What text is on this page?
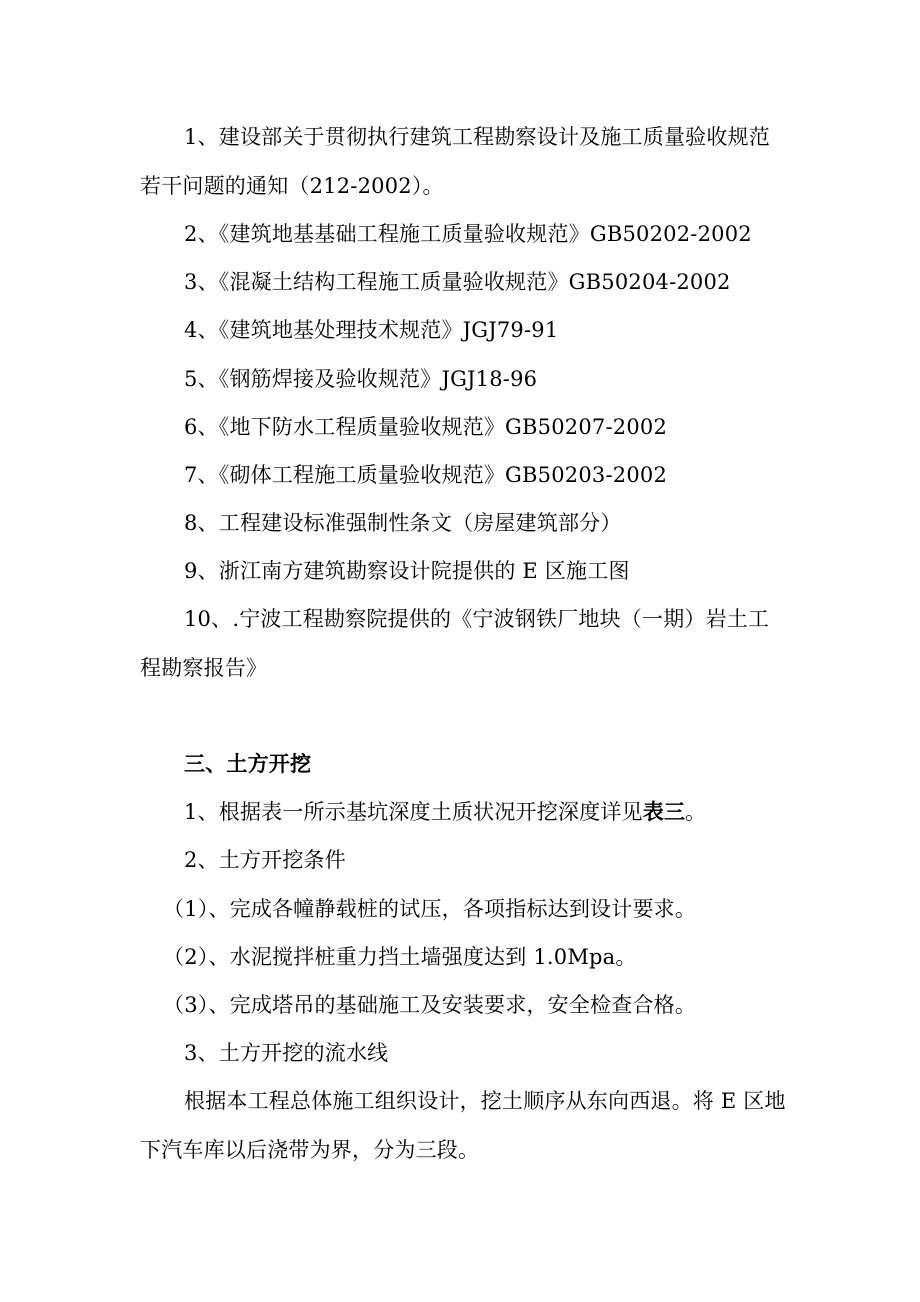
1、建设部关于贯彻执行建筑工程勘察设计及施工质量验收规范
若干问题的通知（212-2002）。
2、《建筑地基基础工程施工质量验收规范》GB50202-2002
3、《混凝土结构工程施工质量验收规范》GB50204-2002
4、《建筑地基处理技术规范》JGJ79-91
5、《钢筋焊接及验收规范》JGJ18-96
6、《地下防水工程质量验收规范》GB50207-2002
7、《砌体工程施工质量验收规范》GB50203-2002
8、工程建设标准强制性条文（房屋建筑部分）
9、浙江南方建筑勘察设计院提供的 E 区施工图
10、.宁波工程勘察院提供的《宁波钢铁厂地块（一期）岩土工
程勘察报告》
三、土方开挖
1、根据表一所示基坑深度土质状况开挖深度详见表三。
2、土方开挖条件
（1）、完成各幢静载桩的试压，各项指标达到设计要求。
（2）、水泥搅拌桩重力挡土墙强度达到 1.0Mpa。
（3）、完成塔吊的基础施工及安装要求，安全检查合格。
3、土方开挖的流水线
根据本工程总体施工组织设计，挖土顺序从东向西退。将 E 区地
下汽车库以后浇带为界，分为三段。
